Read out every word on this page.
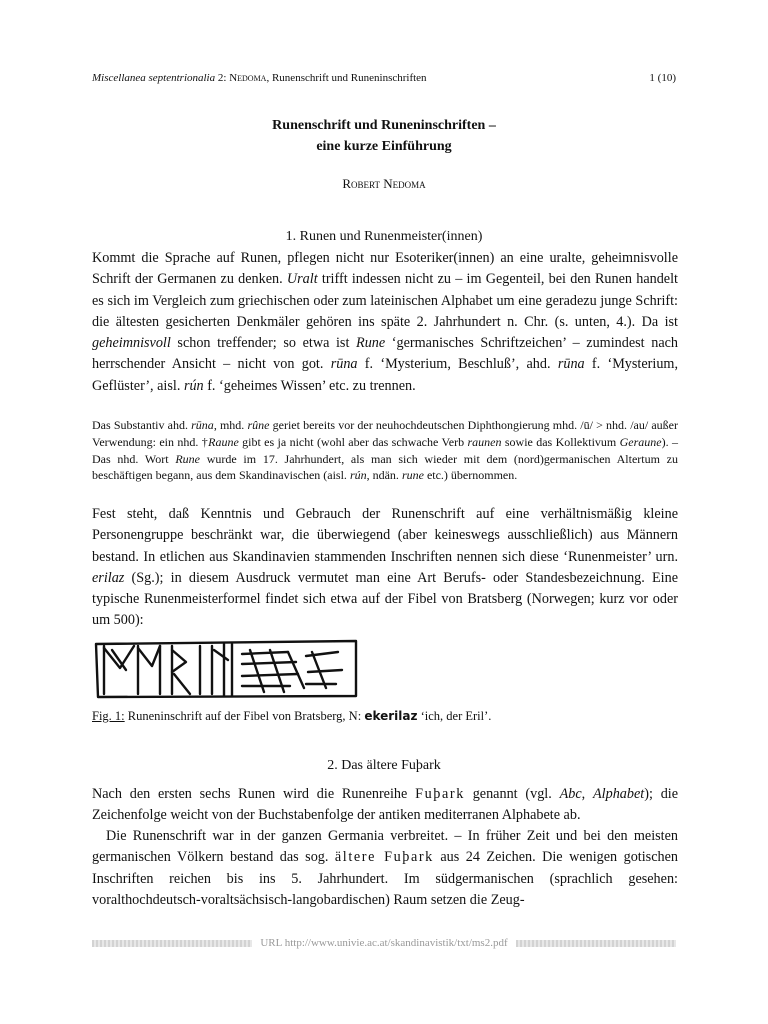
Miscellanea septentrionalia 2: Nedoma, Runenschrift und Runeninschriften	1 (10)
Runenschrift und Runeninschriften –
eine kurze Einführung
Robert Nedoma
1. Runen und Runenmeister(innen)
Kommt die Sprache auf Runen, pflegen nicht nur Esoteriker(innen) an eine uralte, geheimnisvolle Schrift der Germanen zu denken. Uralt trifft indessen nicht zu – im Gegenteil, bei den Runen handelt es sich im Vergleich zum griechischen oder zum lateinischen Alphabet um eine geradezu junge Schrift: die ältesten gesicherten Denkmäler gehören ins späte 2. Jahrhundert n. Chr. (s. unten, 4.). Da ist geheimnisvoll schon treffender; so etwa ist Rune ‘germanisches Schriftzeichen’ – zumindest nach herrschender Ansicht – nicht von got. rūna f. ‘Mysterium, Beschluß’, ahd. rūna f. ‘Mysterium, Geflüster’, aisl. rún f. ‘geheimes Wissen’ etc. zu trennen.
Das Substantiv ahd. rūna, mhd. rûne geriet bereits vor der neuhochdeutschen Diphthongierung mhd. /ū/ > nhd. /au/ außer Verwendung: ein nhd. †Raune gibt es ja nicht (wohl aber das schwache Verb raunen sowie das Kollektivum Geraune). – Das nhd. Wort Rune wurde im 17. Jahrhundert, als man sich wieder mit dem (nord)germanischen Altertum zu beschäftigen begann, aus dem Skandinavischen (aisl. rún, ndän. rune etc.) übernommen.
Fest steht, daß Kenntnis und Gebrauch der Runenschrift auf eine verhältnismäßig kleine Personengruppe beschränkt war, die überwiegend (aber keineswegs ausschließlich) aus Männern bestand. In etlichen aus Skandinavien stammenden Inschriften nennen sich diese ‘Runenmeister’ urn. erilaz (Sg.); in diesem Ausdruck vermutet man eine Art Berufs- oder Standesbezeichnung. Eine typische Runenmeisterformel findet sich etwa auf der Fibel von Bratsberg (Norwegen; kurz vor oder um 500):
Fig. 1: Runeninschrift auf der Fibel von Bratsberg, N: ekerilaz ‘ich, der Eril’.
2. Das ältere Fuþark
Nach den ersten sechs Runen wird die Runenreihe Fuþark genannt (vgl. Abc, Alphabet); die Zeichenfolge weicht von der Buchstabenfolge der antiken mediterranen Alphabete ab.
Die Runenschrift war in der ganzen Germania verbreitet. – In früher Zeit und bei den meisten germanischen Völkern bestand das sog. ältere Fuþark aus 24 Zeichen. Die wenigen gotischen Inschriften reichen bis ins 5. Jahrhundert. Im südgermanischen (sprachlich gesehen: voralthochdeutsch-voraltsächsisch-langobardischen) Raum setzen die Zeug-
URL http://www.univie.ac.at/skandinavistik/txt/ms2.pdf
